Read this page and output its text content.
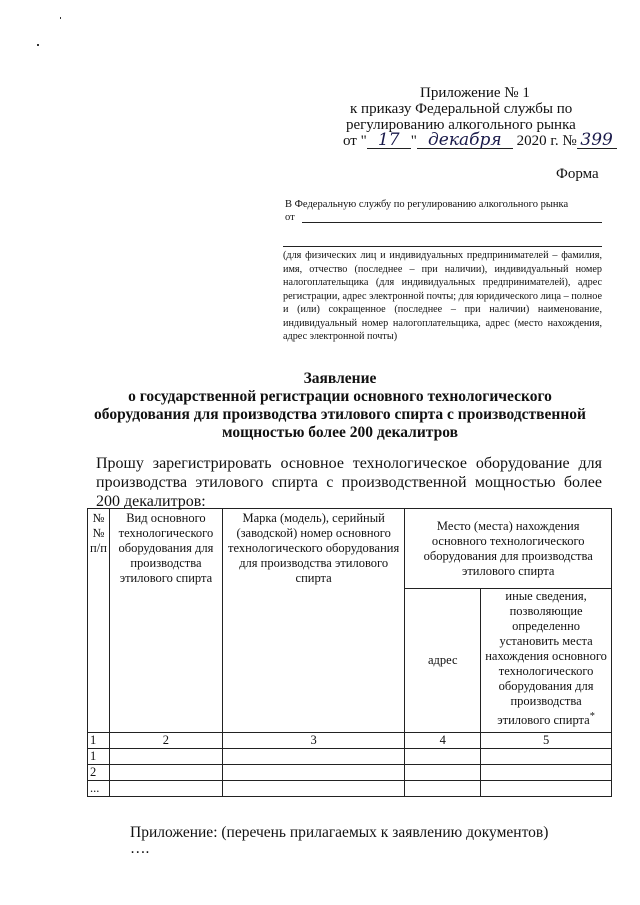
Приложение № 1
к приказу Федеральной службы по
регулированию алкогольного рынка
от " 17 " декабря 2020 г. № 399
Форма
В Федеральную службу по регулированию алкогольного рынка
от
(для физических лиц и индивидуальных предпринимателей – фамилия, имя, отчество (последнее – при наличии), индивидуальный номер налогоплательщика (для индивидуальных предпринимателей), адрес регистрации, адрес электронной почты; для юридического лица – полное и (или) сокращенное (последнее – при наличии) наименование, индивидуальный номер налогоплательщика, адрес (место нахождения, адрес электронной почты)
Заявление
о государственной регистрации основного технологического
оборудования для производства этилового спирта с производственной
мощностью более 200 декалитров
Прошу зарегистрировать основное технологическое оборудование для производства этилового спирта с производственной мощностью более 200 декалитров:
№ № п/п	Вид основного технологического оборудования для производства этилового спирта	Марка (модель), серийный (заводской) номер основного технологического оборудования для производства этилового спирта	Место (места) нахождения основного технологического оборудования для производства этилового спирта	
			адрес	иные сведения, позволяющие определенно установить места нахождения основного технологического оборудования для производства этилового спирта*
1	2	3	4	5
1				
2				
...				
Приложение: (перечень прилагаемых к заявлению документов)
….
